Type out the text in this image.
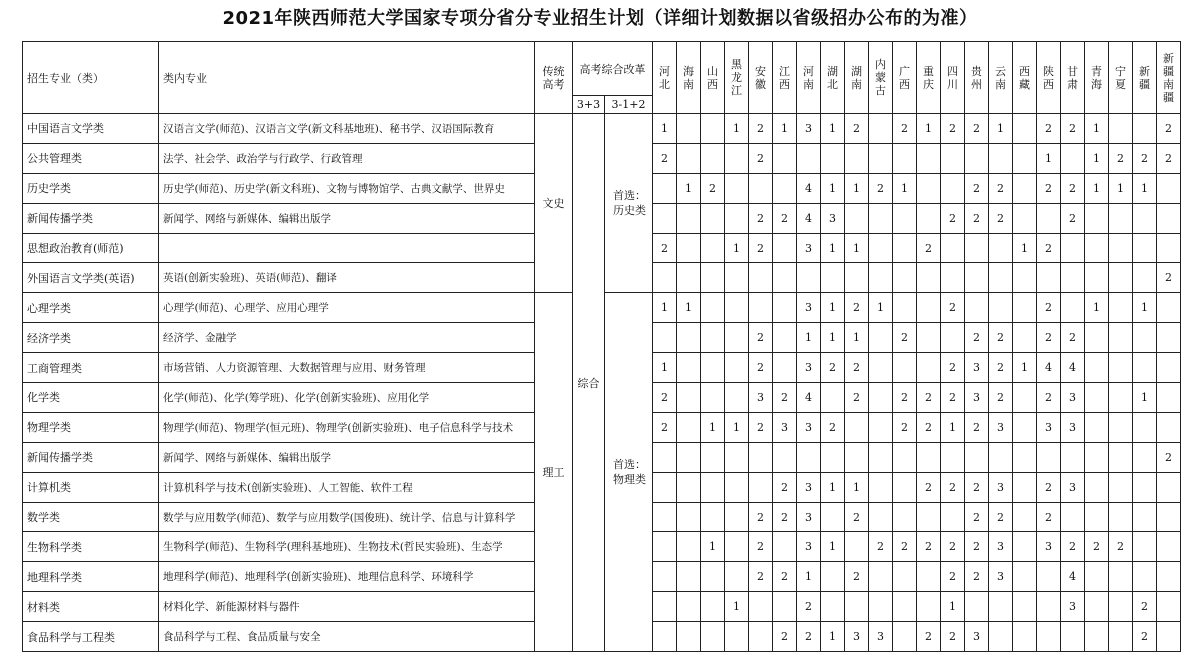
2021年陕西师范大学国家专项分省分专业招生计划（详细计划数据以省级招办公布的为准）
招生专业（类）	类内专业	传统高考	高考综合改革		河北	海南	山西	黑龙江	安徽	江西	河南	湖北	湖南	内蒙古	广西	重庆	四川	贵州	云南	西藏	陕西	甘肃	青海	宁夏	新疆	新疆南疆

			3+3	3-1+2																						
中国语言文学类	汉语言文学(师范)、汉语言文学(新文科基地班)、秘书学、汉语国际教育	文史	综合	首选：历史类	1			1	2	1	3	1	2		2	1	2	2	1		2	2	1			2
公共管理类	法学、社会学、政治学与行政学、行政管理				2				2												1		1	2	2	2
历史学类	历史学(师范)、历史学(新文科班)、文物与博物馆学、古典文献学、世界史					1	2				4	1	1	2	1			2	2		2	2	1	1	1	
新闻传播学类	新闻学、网络与新媒体、编辑出版学								2	2	4	3					2	2	2			2				
思想政治教育(师范)					2			1	2		3	1	1			2				1	2					
外国语言文学类(英语)	英语(创新实验班)、英语(师范)、翻译																									2
心理学类	心理学(师范)、心理学、应用心理学	理工		首选：物理类	1	1					3	1	2	1			2				2		1		1	
经济学类	经济学、金融学								2		1	1	1		2			2	2		2	2				
工商管理类	市场营销、人力资源管理、大数据管理与应用、财务管理				1				2		3	2	2				2	3	2	1	4	4				
化学类	化学(师范)、化学(筹学班)、化学(创新实验班)、应用化学				2				3	2	4		2		2	2	2	3	2		2	3			1	
物理学类	物理学(师范)、物理学(恒元班)、物理学(创新实验班)、电子信息科学与技术				2		1	1	2	3	3	2			2	2	1	2	3		3	3				
新闻传播学类	新闻学、网络与新媒体、编辑出版学																									2
计算机类	计算机科学与技术(创新实验班)、人工智能、软件工程									2	3	1	1			2	2	2	3		2	3				
数学类	数学与应用数学(师范)、数学与应用数学(国俊班)、统计学、信息与计算科学								2	2	3		2					2	2		2					
生物科学类	生物科学(师范)、生物科学(理科基地班)、生物技术(哲民实验班)、生态学						1		2		3	1		2	2	2	2	2	3		3	2	2	2		
地理科学类	地理科学(师范)、地理科学(创新实验班)、地理信息科学、环境科学								2	2	1		2				2	2	3			4				
材料类	材料化学、新能源材料与器件							1			2						1					3			2	
食品科学与工程类	食品科学与工程、食品质量与安全									2	2	1	3	3		2	2	3							2	
